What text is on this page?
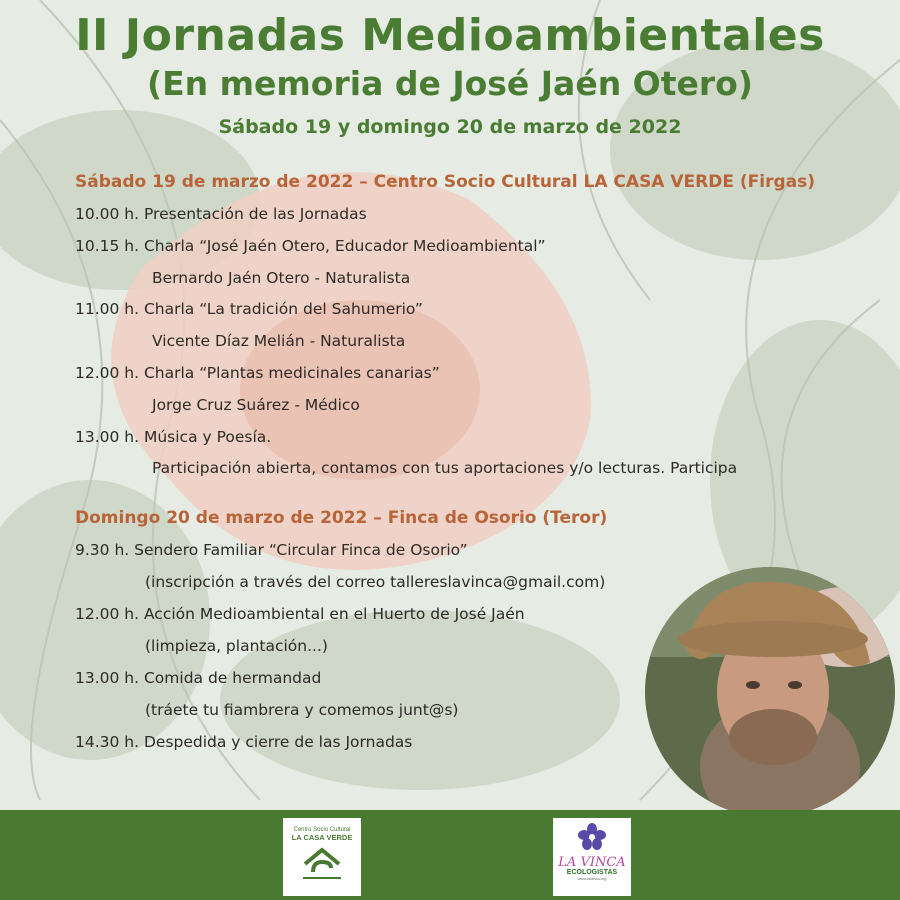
II Jornadas Medioambientales
(En memoria de José Jaén Otero)
Sábado 19 y domingo 20 de marzo de 2022
Sábado 19 de marzo de 2022 – Centro Socio Cultural LA CASA VERDE (Firgas)
10.00 h. Presentación de las Jornadas
10.15 h. Charla “José Jaén Otero, Educador Medioambiental”
Bernardo Jaén Otero - Naturalista
11.00 h. Charla “La tradición del Sahumerio”
Vicente Díaz Melián - Naturalista
12.00 h. Charla “Plantas medicinales canarias”
Jorge Cruz Suárez - Médico
13.00 h. Música y Poesía.
Participación abierta, contamos con tus aportaciones y/o lecturas. Participa
Domingo 20 de marzo de 2022 – Finca de Osorio (Teror)
9.30 h. Sendero Familiar “Circular Finca de Osorio”
(inscripción a través del correo tallereslavinca@gmail.com)
12.00 h. Acción Medioambiental en el Huerto de José Jaén
(limpieza, plantación...)
13.00 h. Comida de hermandad
(tráete tu fiambrera y comemos junt@s)
14.30 h. Despedida y cierre de las Jornadas
Centro Socio Cultural
LA CASA VERDE
LA VINCA
ECOLOGISTAS
www.lavinca.org
